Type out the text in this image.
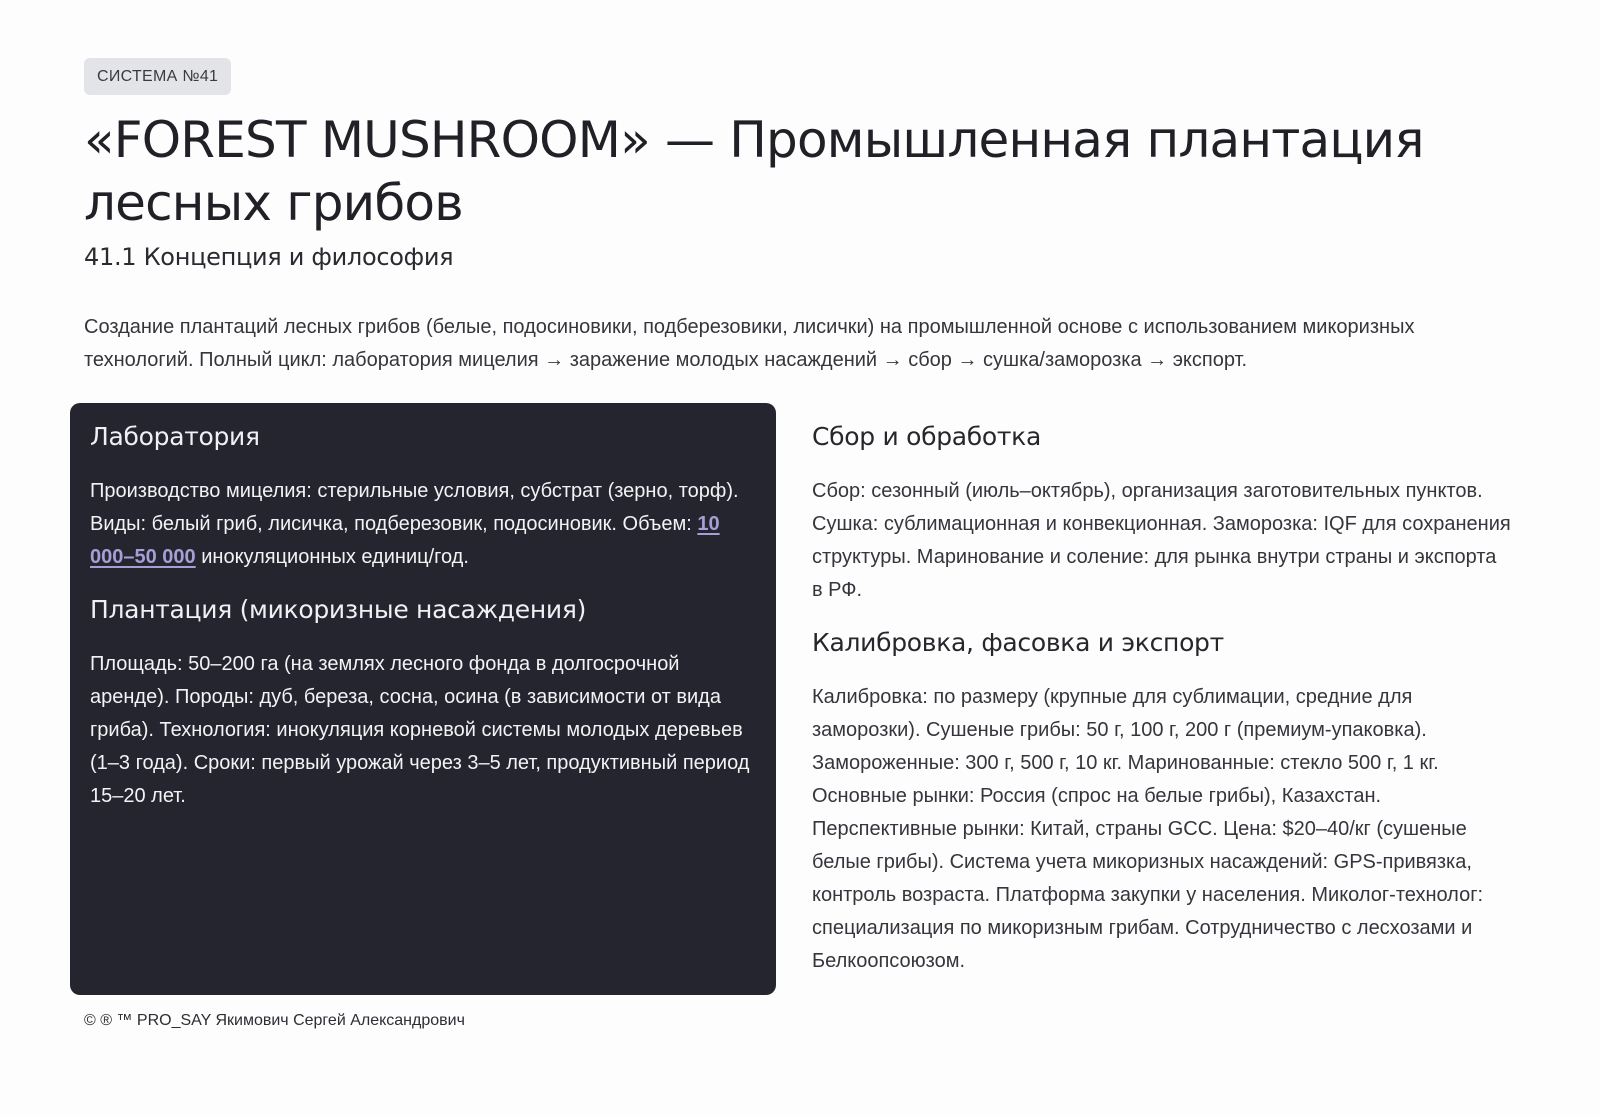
СИСТЕМА №41
«FOREST MUSHROOM» — Промышленная плантация лесных грибов
41.1 Концепция и философия

Создание плантаций лесных грибов (белые, подосиновики, подберезовики, лисички) на промышленной основе с использованием микоризных технологий. Полный цикл: лаборатория мицелия → заражение молодых насаждений → сбор → сушка/заморозка → экспорт.

Лаборатория

Производство мицелия: стерильные условия, субстрат (зерно, торф). Виды: белый гриб, лисичка, подберезовик, подосиновик. Объем: 10 000–50 000 инокуляционных единиц/год.

Плантация (микоризные насаждения)

Площадь: 50–200 га (на землях лесного фонда в долгосрочной аренде). Породы: дуб, береза, сосна, осина (в зависимости от вида гриба). Технология: инокуляция корневой системы молодых деревьев (1–3 года). Сроки: первый урожай через 3–5 лет, продуктивный период 15–20 лет.

Сбор и обработка

Сбор: сезонный (июль–октябрь), организация заготовительных пунктов. Сушка: сублимационная и конвекционная. Заморозка: IQF для сохранения структуры. Маринование и соление: для рынка внутри страны и экспорта в РФ.

Калибровка, фасовка и экспорт

Калибровка: по размеру (крупные для сублимации, средние для заморозки). Сушеные грибы: 50 г, 100 г, 200 г (премиум-упаковка). Замороженные: 300 г, 500 г, 10 кг. Маринованные: стекло 500 г, 1 кг. Основные рынки: Россия (спрос на белые грибы), Казахстан. Перспективные рынки: Китай, страны GCC. Цена: $20–40/кг (сушеные белые грибы). Система учета микоризных насаждений: GPS-привязка, контроль возраста. Платформа закупки у населения. Миколог-технолог: специализация по микоризным грибам. Сотрудничество с лесхозами и Белкоопсоюзом.

© ® ™ PRO_SAY Якимович Сергей Александрович
